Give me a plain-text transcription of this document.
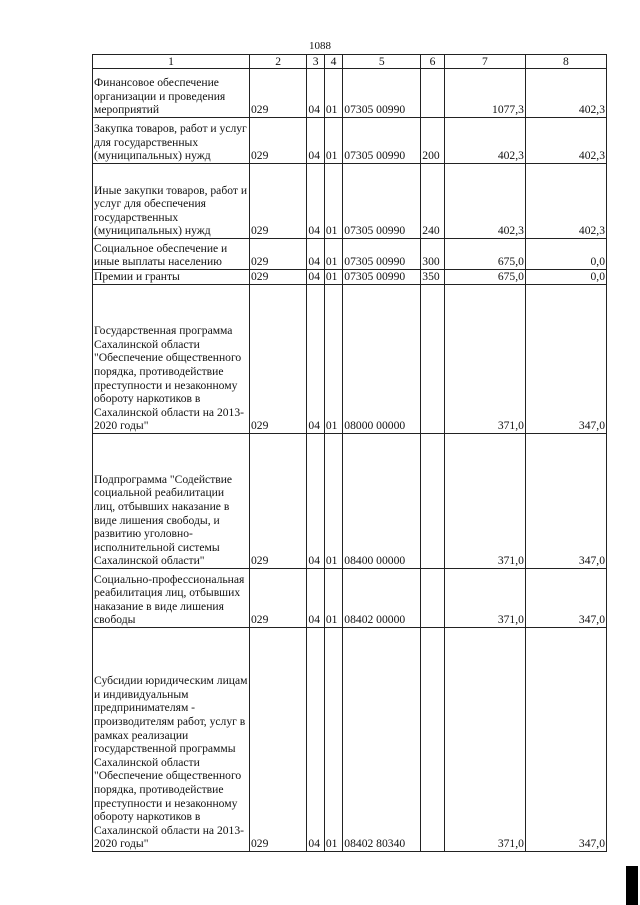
1088
1	2	3	4	5	6	7	8
Финансовое обеспечение организации и проведения мероприятий	029	04	01	07305 00990		1077,3	402,3
Закупка товаров, работ и услуг для государственных (муниципальных) нужд	029	04	01	07305 00990	200	402,3	402,3
Иные закупки товаров, работ и услуг для обеспечения государственных (муниципальных) нужд	029	04	01	07305 00990	240	402,3	402,3
Социальное обеспечение и иные выплаты населению	029	04	01	07305 00990	300	675,0	0,0
Премии и гранты	029	04	01	07305 00990	350	675,0	0,0
Государственная программа Сахалинской области "Обеспечение общественного порядка, противодействие преступности и незаконному обороту наркотиков в Сахалинской области на 2013-2020 годы"	029	04	01	08000 00000		371,0	347,0
Подпрограмма "Содействие социальной реабилитации лиц, отбывших наказание в виде лишения свободы, и развитию уголовно-исполнительной системы Сахалинской области"	029	04	01	08400 00000		371,0	347,0
Социально-профессиональная реабилитация лиц, отбывших наказание в виде лишения свободы	029	04	01	08402 00000		371,0	347,0
Субсидии юридическим лицам и индивидуальным предпринимателям - производителям работ, услуг в рамках реализации государственной программы Сахалинской области "Обеспечение общественного порядка, противодействие преступности и незаконному обороту наркотиков в Сахалинской области на 2013-2020 годы"	029	04	01	08402 80340		371,0	347,0
